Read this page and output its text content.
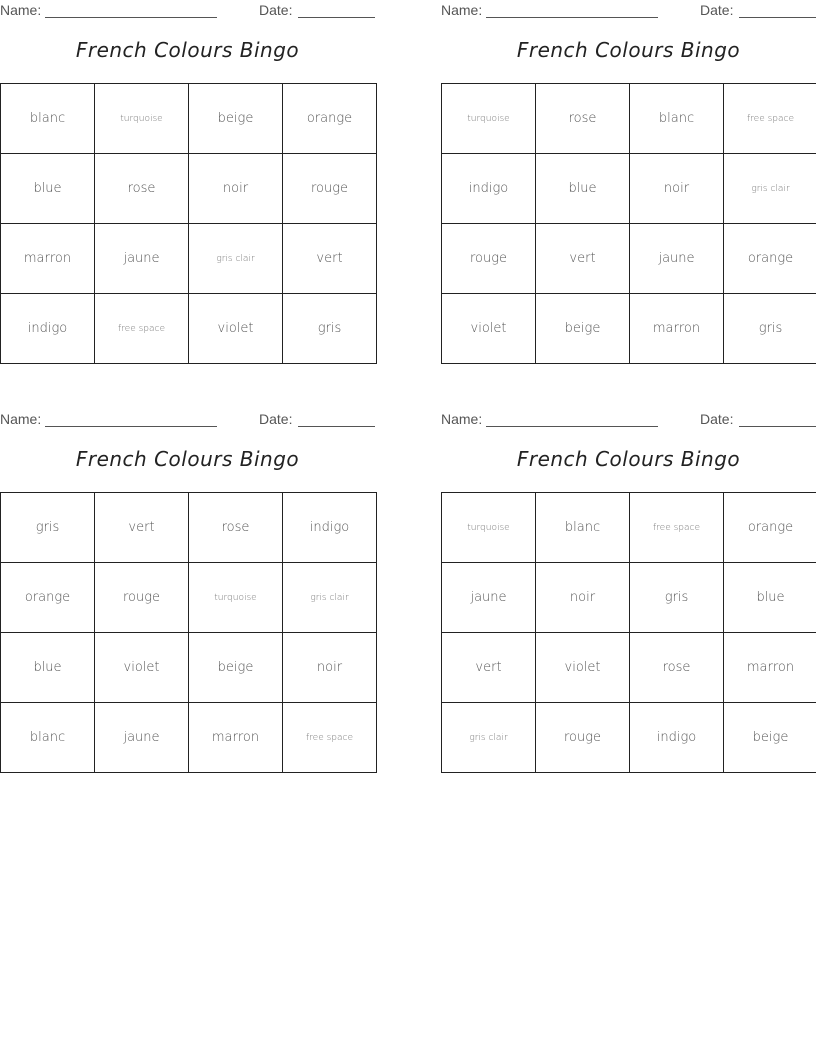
Name:	Date:
French Colours Bingo
blanc	turquoise	beige	orange
blue	rose	noir	rouge
marron	jaune	gris clair	vert
indigo	free space	violet	gris
Name:	Date:
French Colours Bingo
turquoise	rose	blanc	free space
indigo	blue	noir	gris clair
rouge	vert	jaune	orange
violet	beige	marron	gris
Name:	Date:
French Colours Bingo
gris	vert	rose	indigo
orange	rouge	turquoise	gris clair
blue	violet	beige	noir
blanc	jaune	marron	free space
Name:	Date:
French Colours Bingo
turquoise	blanc	free space	orange
jaune	noir	gris	blue
vert	violet	rose	marron
gris clair	rouge	indigo	beige
